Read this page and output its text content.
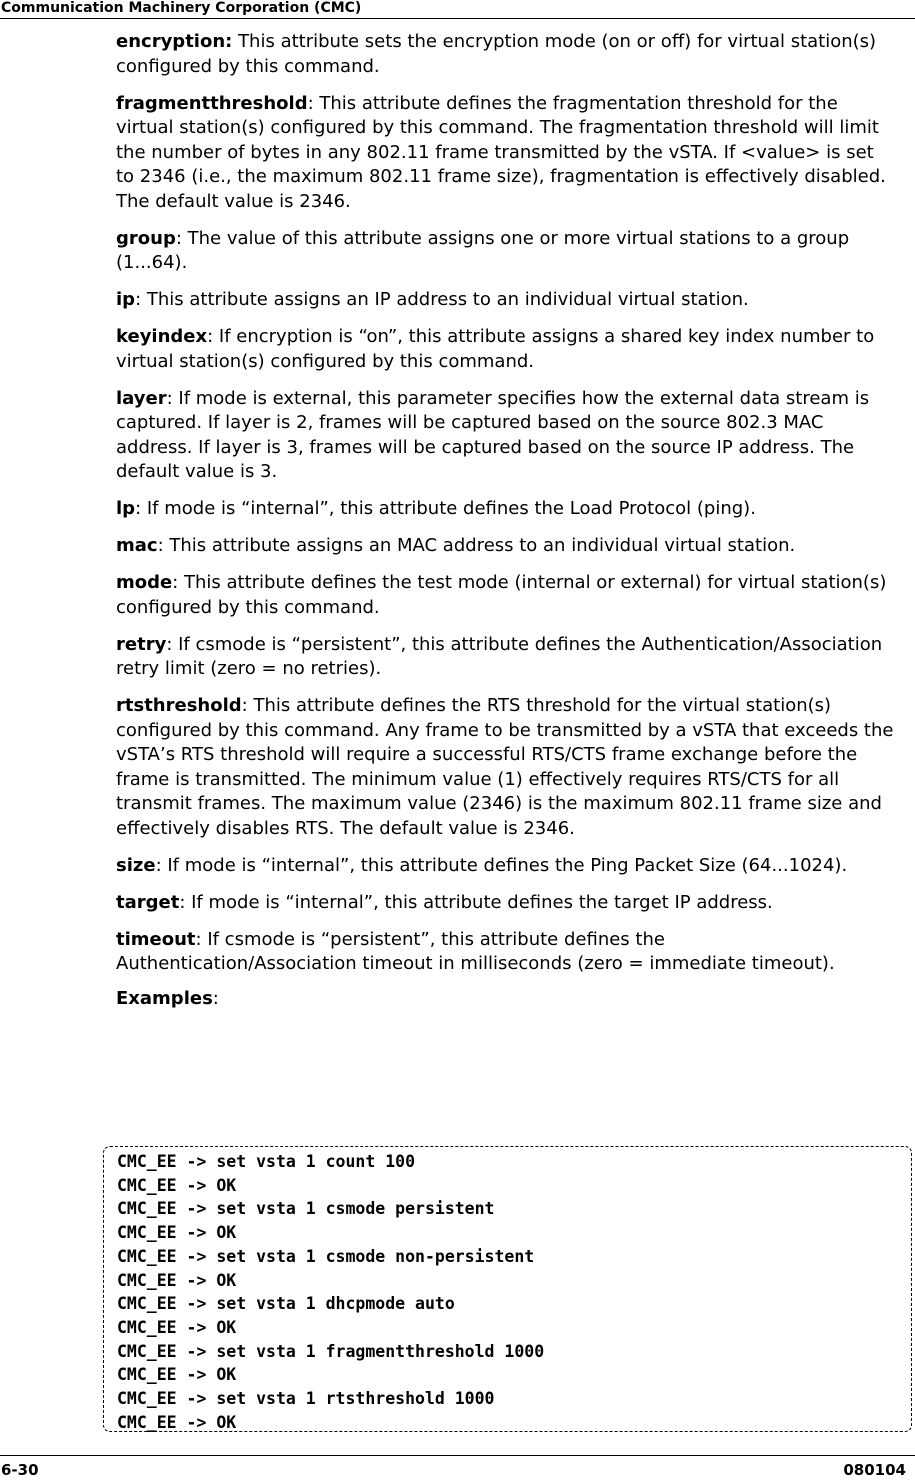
Communication Machinery Corporation (CMC)

encryption: This attribute sets the encryption mode (on or off) for virtual station(s) configured by this command.

fragmentthreshold: This attribute defines the fragmentation threshold for the virtual station(s) configured by this command. The fragmentation threshold will limit the number of bytes in any 802.11 frame transmitted by the vSTA. If <value> is set to 2346 (i.e., the maximum 802.11 frame size), fragmentation is effectively disabled. The default value is 2346.

group: The value of this attribute assigns one or more virtual stations to a group (1...64).

ip: This attribute assigns an IP address to an individual virtual station.

keyindex: If encryption is “on”, this attribute assigns a shared key index number to virtual station(s) configured by this command.

layer: If mode is external, this parameter specifies how the external data stream is captured. If layer is 2, frames will be captured based on the source 802.3 MAC address. If layer is 3, frames will be captured based on the source IP address. The default value is 3.

lp: If mode is “internal”, this attribute defines the Load Protocol (ping).

mac: This attribute assigns an MAC address to an individual virtual station.

mode: This attribute defines the test mode (internal or external) for virtual station(s) configured by this command.

retry: If csmode is “persistent”, this attribute defines the Authentication/Association retry limit (zero = no retries).

rtsthreshold: This attribute defines the RTS threshold for the virtual station(s) configured by this command. Any frame to be transmitted by a vSTA that exceeds the vSTA’s RTS threshold will require a successful RTS/CTS frame exchange before the frame is transmitted. The minimum value (1) effectively requires RTS/CTS for all transmit frames. The maximum value (2346) is the maximum 802.11 frame size and effectively disables RTS. The default value is 2346.

size: If mode is “internal”, this attribute defines the Ping Packet Size (64...1024).

target: If mode is “internal”, this attribute defines the target IP address.

timeout: If csmode is “persistent”, this attribute defines the Authentication/Association timeout in milliseconds (zero = immediate timeout).

Examples:

CMC_EE -> set vsta 1 count 100
CMC_EE -> OK
CMC_EE -> set vsta 1 csmode persistent
CMC_EE -> OK
CMC_EE -> set vsta 1 csmode non-persistent
CMC_EE -> OK
CMC_EE -> set vsta 1 dhcpmode auto
CMC_EE -> OK
CMC_EE -> set vsta 1 fragmentthreshold 1000
CMC_EE -> OK
CMC_EE -> set vsta 1 rtsthreshold 1000
CMC_EE -> OK
6-30	080104
